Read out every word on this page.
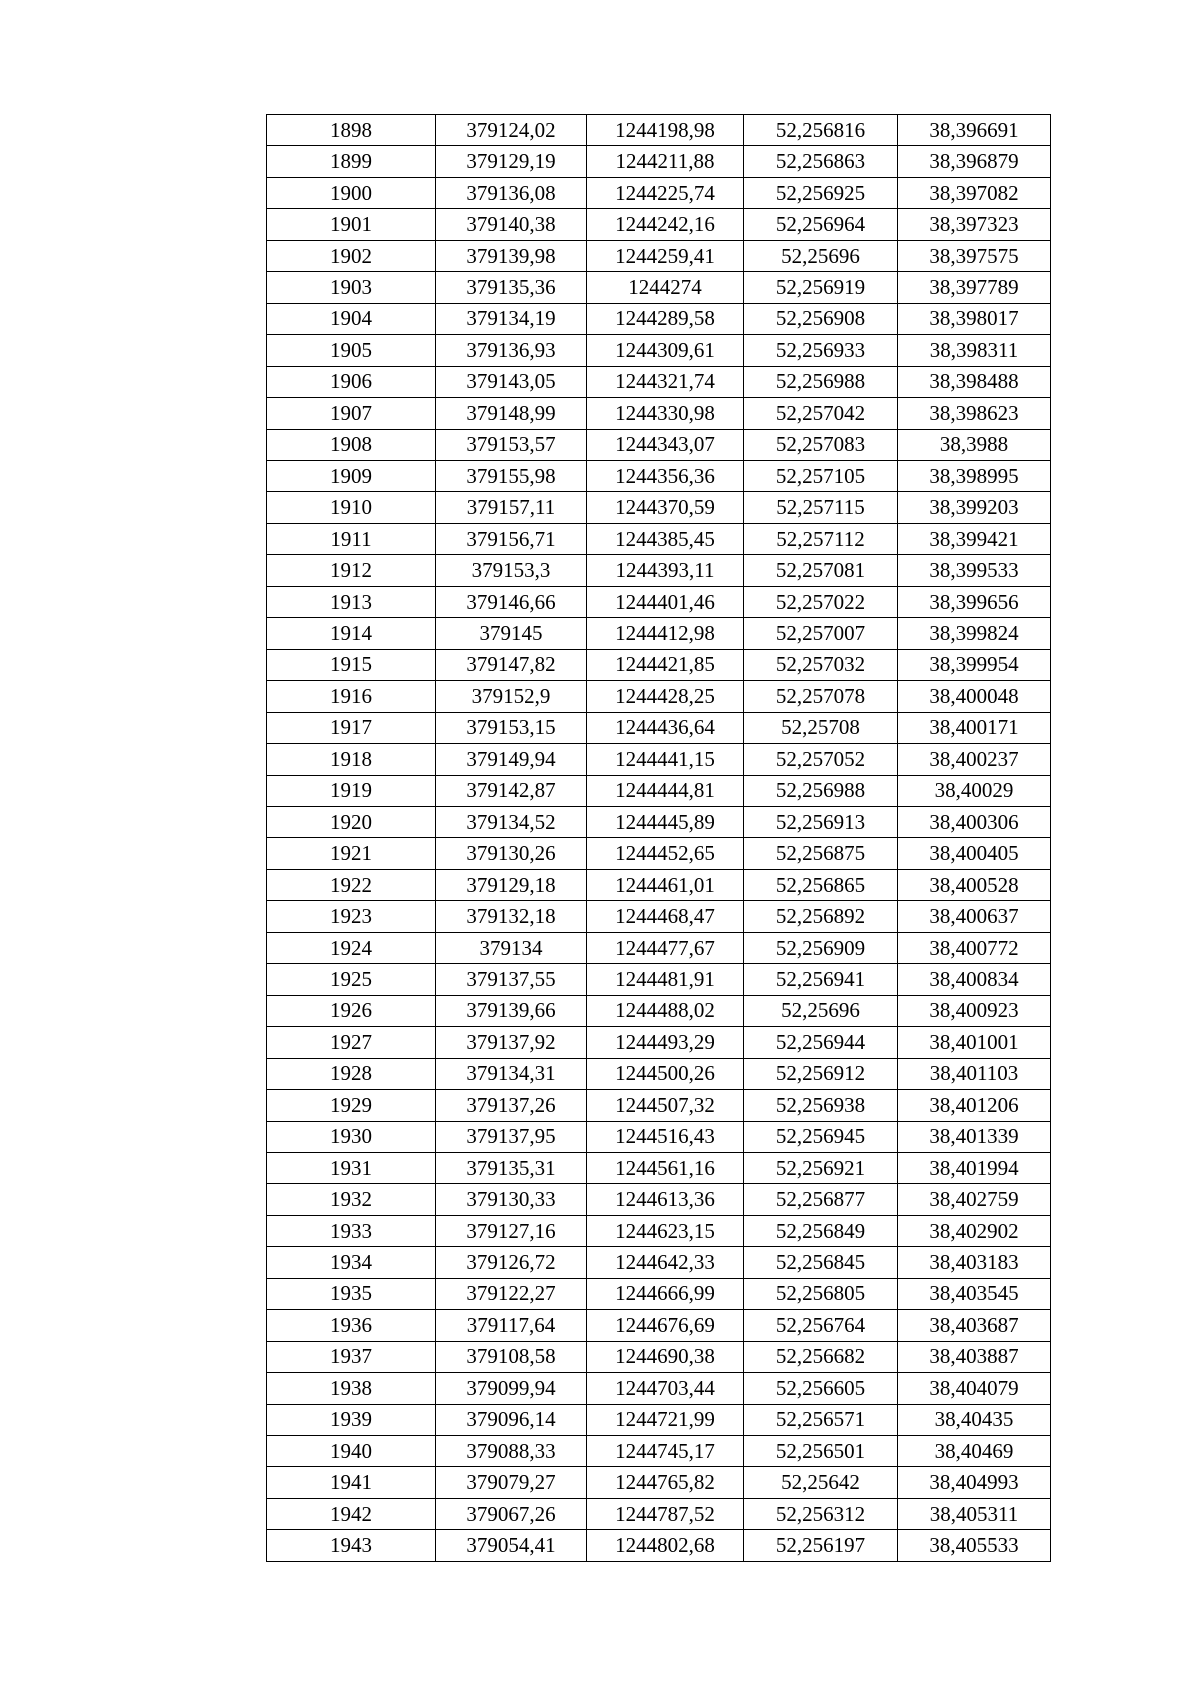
1898	379124,02	1244198,98	52,256816	38,396691
1899	379129,19	1244211,88	52,256863	38,396879
1900	379136,08	1244225,74	52,256925	38,397082
1901	379140,38	1244242,16	52,256964	38,397323
1902	379139,98	1244259,41	52,25696	38,397575
1903	379135,36	1244274	52,256919	38,397789
1904	379134,19	1244289,58	52,256908	38,398017
1905	379136,93	1244309,61	52,256933	38,398311
1906	379143,05	1244321,74	52,256988	38,398488
1907	379148,99	1244330,98	52,257042	38,398623
1908	379153,57	1244343,07	52,257083	38,3988
1909	379155,98	1244356,36	52,257105	38,398995
1910	379157,11	1244370,59	52,257115	38,399203
1911	379156,71	1244385,45	52,257112	38,399421
1912	379153,3	1244393,11	52,257081	38,399533
1913	379146,66	1244401,46	52,257022	38,399656
1914	379145	1244412,98	52,257007	38,399824
1915	379147,82	1244421,85	52,257032	38,399954
1916	379152,9	1244428,25	52,257078	38,400048
1917	379153,15	1244436,64	52,25708	38,400171
1918	379149,94	1244441,15	52,257052	38,400237
1919	379142,87	1244444,81	52,256988	38,40029
1920	379134,52	1244445,89	52,256913	38,400306
1921	379130,26	1244452,65	52,256875	38,400405
1922	379129,18	1244461,01	52,256865	38,400528
1923	379132,18	1244468,47	52,256892	38,400637
1924	379134	1244477,67	52,256909	38,400772
1925	379137,55	1244481,91	52,256941	38,400834
1926	379139,66	1244488,02	52,25696	38,400923
1927	379137,92	1244493,29	52,256944	38,401001
1928	379134,31	1244500,26	52,256912	38,401103
1929	379137,26	1244507,32	52,256938	38,401206
1930	379137,95	1244516,43	52,256945	38,401339
1931	379135,31	1244561,16	52,256921	38,401994
1932	379130,33	1244613,36	52,256877	38,402759
1933	379127,16	1244623,15	52,256849	38,402902
1934	379126,72	1244642,33	52,256845	38,403183
1935	379122,27	1244666,99	52,256805	38,403545
1936	379117,64	1244676,69	52,256764	38,403687
1937	379108,58	1244690,38	52,256682	38,403887
1938	379099,94	1244703,44	52,256605	38,404079
1939	379096,14	1244721,99	52,256571	38,40435
1940	379088,33	1244745,17	52,256501	38,40469
1941	379079,27	1244765,82	52,25642	38,404993
1942	379067,26	1244787,52	52,256312	38,405311
1943	379054,41	1244802,68	52,256197	38,405533
